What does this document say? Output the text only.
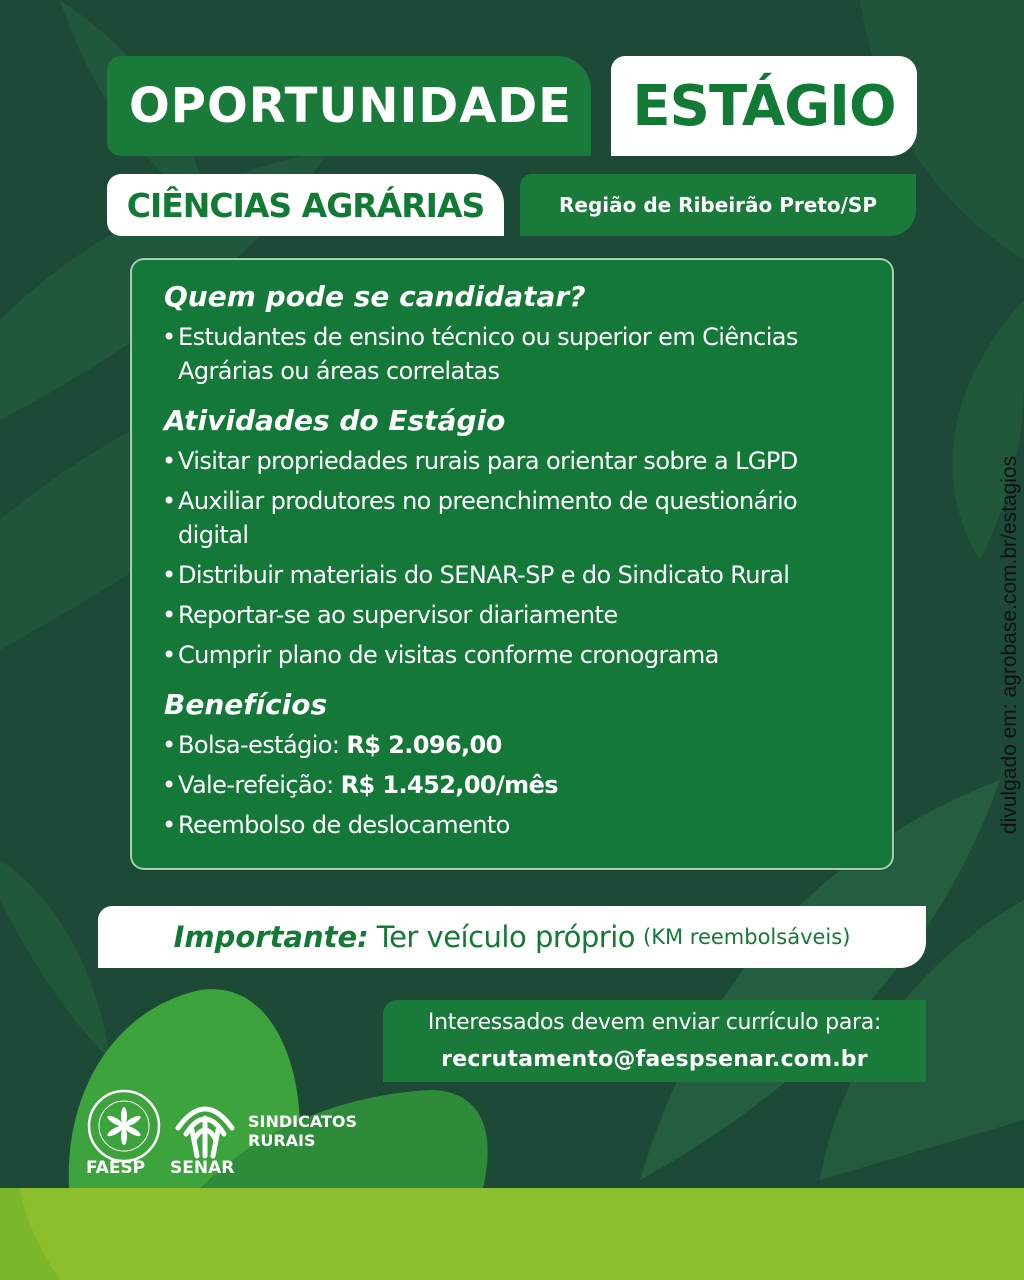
OPORTUNIDADE ESTÁGIO
CIÊNCIAS AGRÁRIAS	Região de Ribeirão Preto/SP
Quem pode se candidatar?
• Estudantes de ensino técnico ou superior em Ciências Agrárias ou áreas correlatas
Atividades do Estágio
• Visitar propriedades rurais para orientar sobre a LGPD
• Auxiliar produtores no preenchimento de questionário digital
• Distribuir materiais do SENAR-SP e do Sindicato Rural
• Reportar-se ao supervisor diariamente
• Cumprir plano de visitas conforme cronograma
Benefícios
• Bolsa-estágio: R$ 2.096,00
• Vale-refeição: R$ 1.452,00/mês
• Reembolso de deslocamento
Importante: Ter veículo próprio (KM reembolsáveis)
Interessados devem enviar currículo para:
recrutamento@faespsenar.com.br
divulgado em: agrobase.com.br/estagios
FAESP SENAR
SINDICATOS
RURAIS
